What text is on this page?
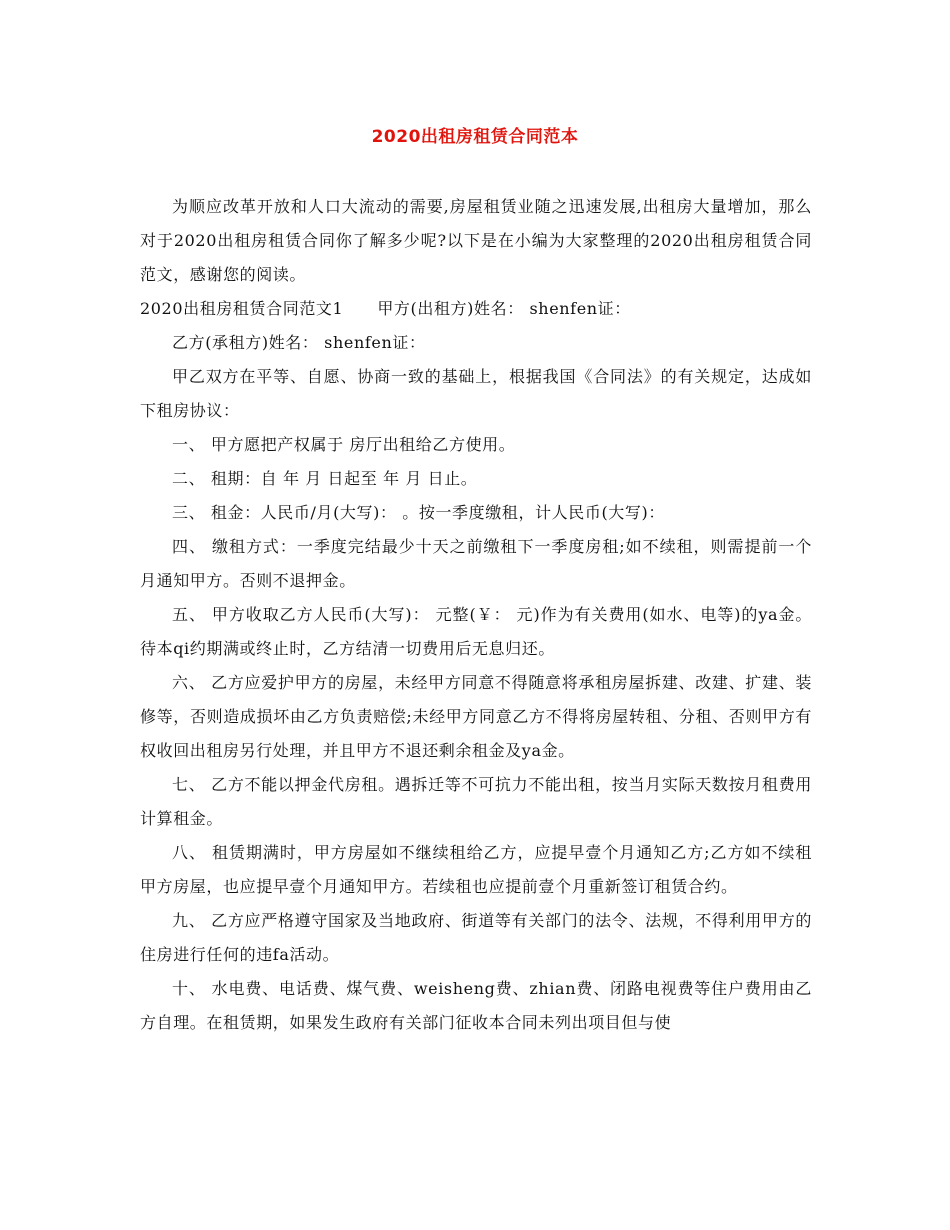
2020出租房租赁合同范本

为顺应改革开放和人口大流动的需要,房屋租赁业随之迅速发展,出租房大量增加，那么对于2020出租房租赁合同你了解多少呢?以下是在小编为大家整理的2020出租房租赁合同范文，感谢您的阅读。

2020出租房租赁合同范文1 甲方(出租方)姓名： shenfen证：

乙方(承租方)姓名： shenfen证：

甲乙双方在平等、自愿、协商一致的基础上，根据我国《合同法》的有关规定，达成如下租房协议：

一、 甲方愿把产权属于 房厅出租给乙方使用。

二、 租期：自 年 月 日起至 年 月 日止。

三、 租金：人民币/月(大写)： 。按一季度缴租，计人民币(大写)：

四、 缴租方式：一季度完结最少十天之前缴租下一季度房租;如不续租，则需提前一个月通知甲方。否则不退押金。

五、 甲方收取乙方人民币(大写)： 元整(￥： 元)作为有关费用(如水、电等)的ya金。待本qi约期满或终止时，乙方结清一切费用后无息归还。

六、 乙方应爱护甲方的房屋，未经甲方同意不得随意将承租房屋拆建、改建、扩建、装修等，否则造成损坏由乙方负责赔偿;未经甲方同意乙方不得将房屋转租、分租、否则甲方有权收回出租房另行处理，并且甲方不退还剩余租金及ya金。

七、 乙方不能以押金代房租。遇拆迁等不可抗力不能出租，按当月实际天数按月租费用计算租金。

八、 租赁期满时，甲方房屋如不继续租给乙方，应提早壹个月通知乙方;乙方如不续租甲方房屋，也应提早壹个月通知甲方。若续租也应提前壹个月重新签订租赁合约。

九、 乙方应严格遵守国家及当地政府、街道等有关部门的法令、法规，不得利用甲方的住房进行任何的违fa活动。

十、 水电费、电话费、煤气费、weisheng费、zhian费、闭路电视费等住户费用由乙方自理。在租赁期，如果发生政府有关部门征收本合同未列出项目但与使
